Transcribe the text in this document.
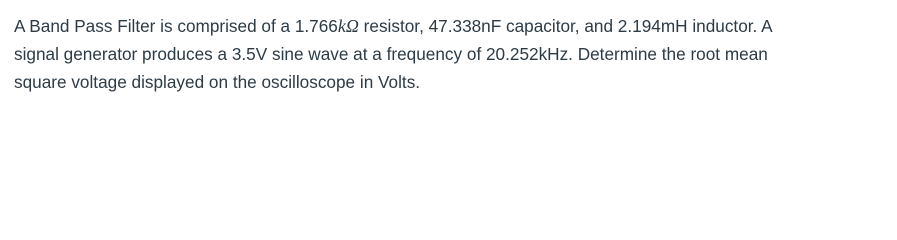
A Band Pass Filter is comprised of a 1.766kΩ resistor, 47.338nF capacitor, and 2.194mH inductor. A
signal generator produces a 3.5V sine wave at a frequency of 20.252kHz. Determine the root mean
square voltage displayed on the oscilloscope in Volts.
